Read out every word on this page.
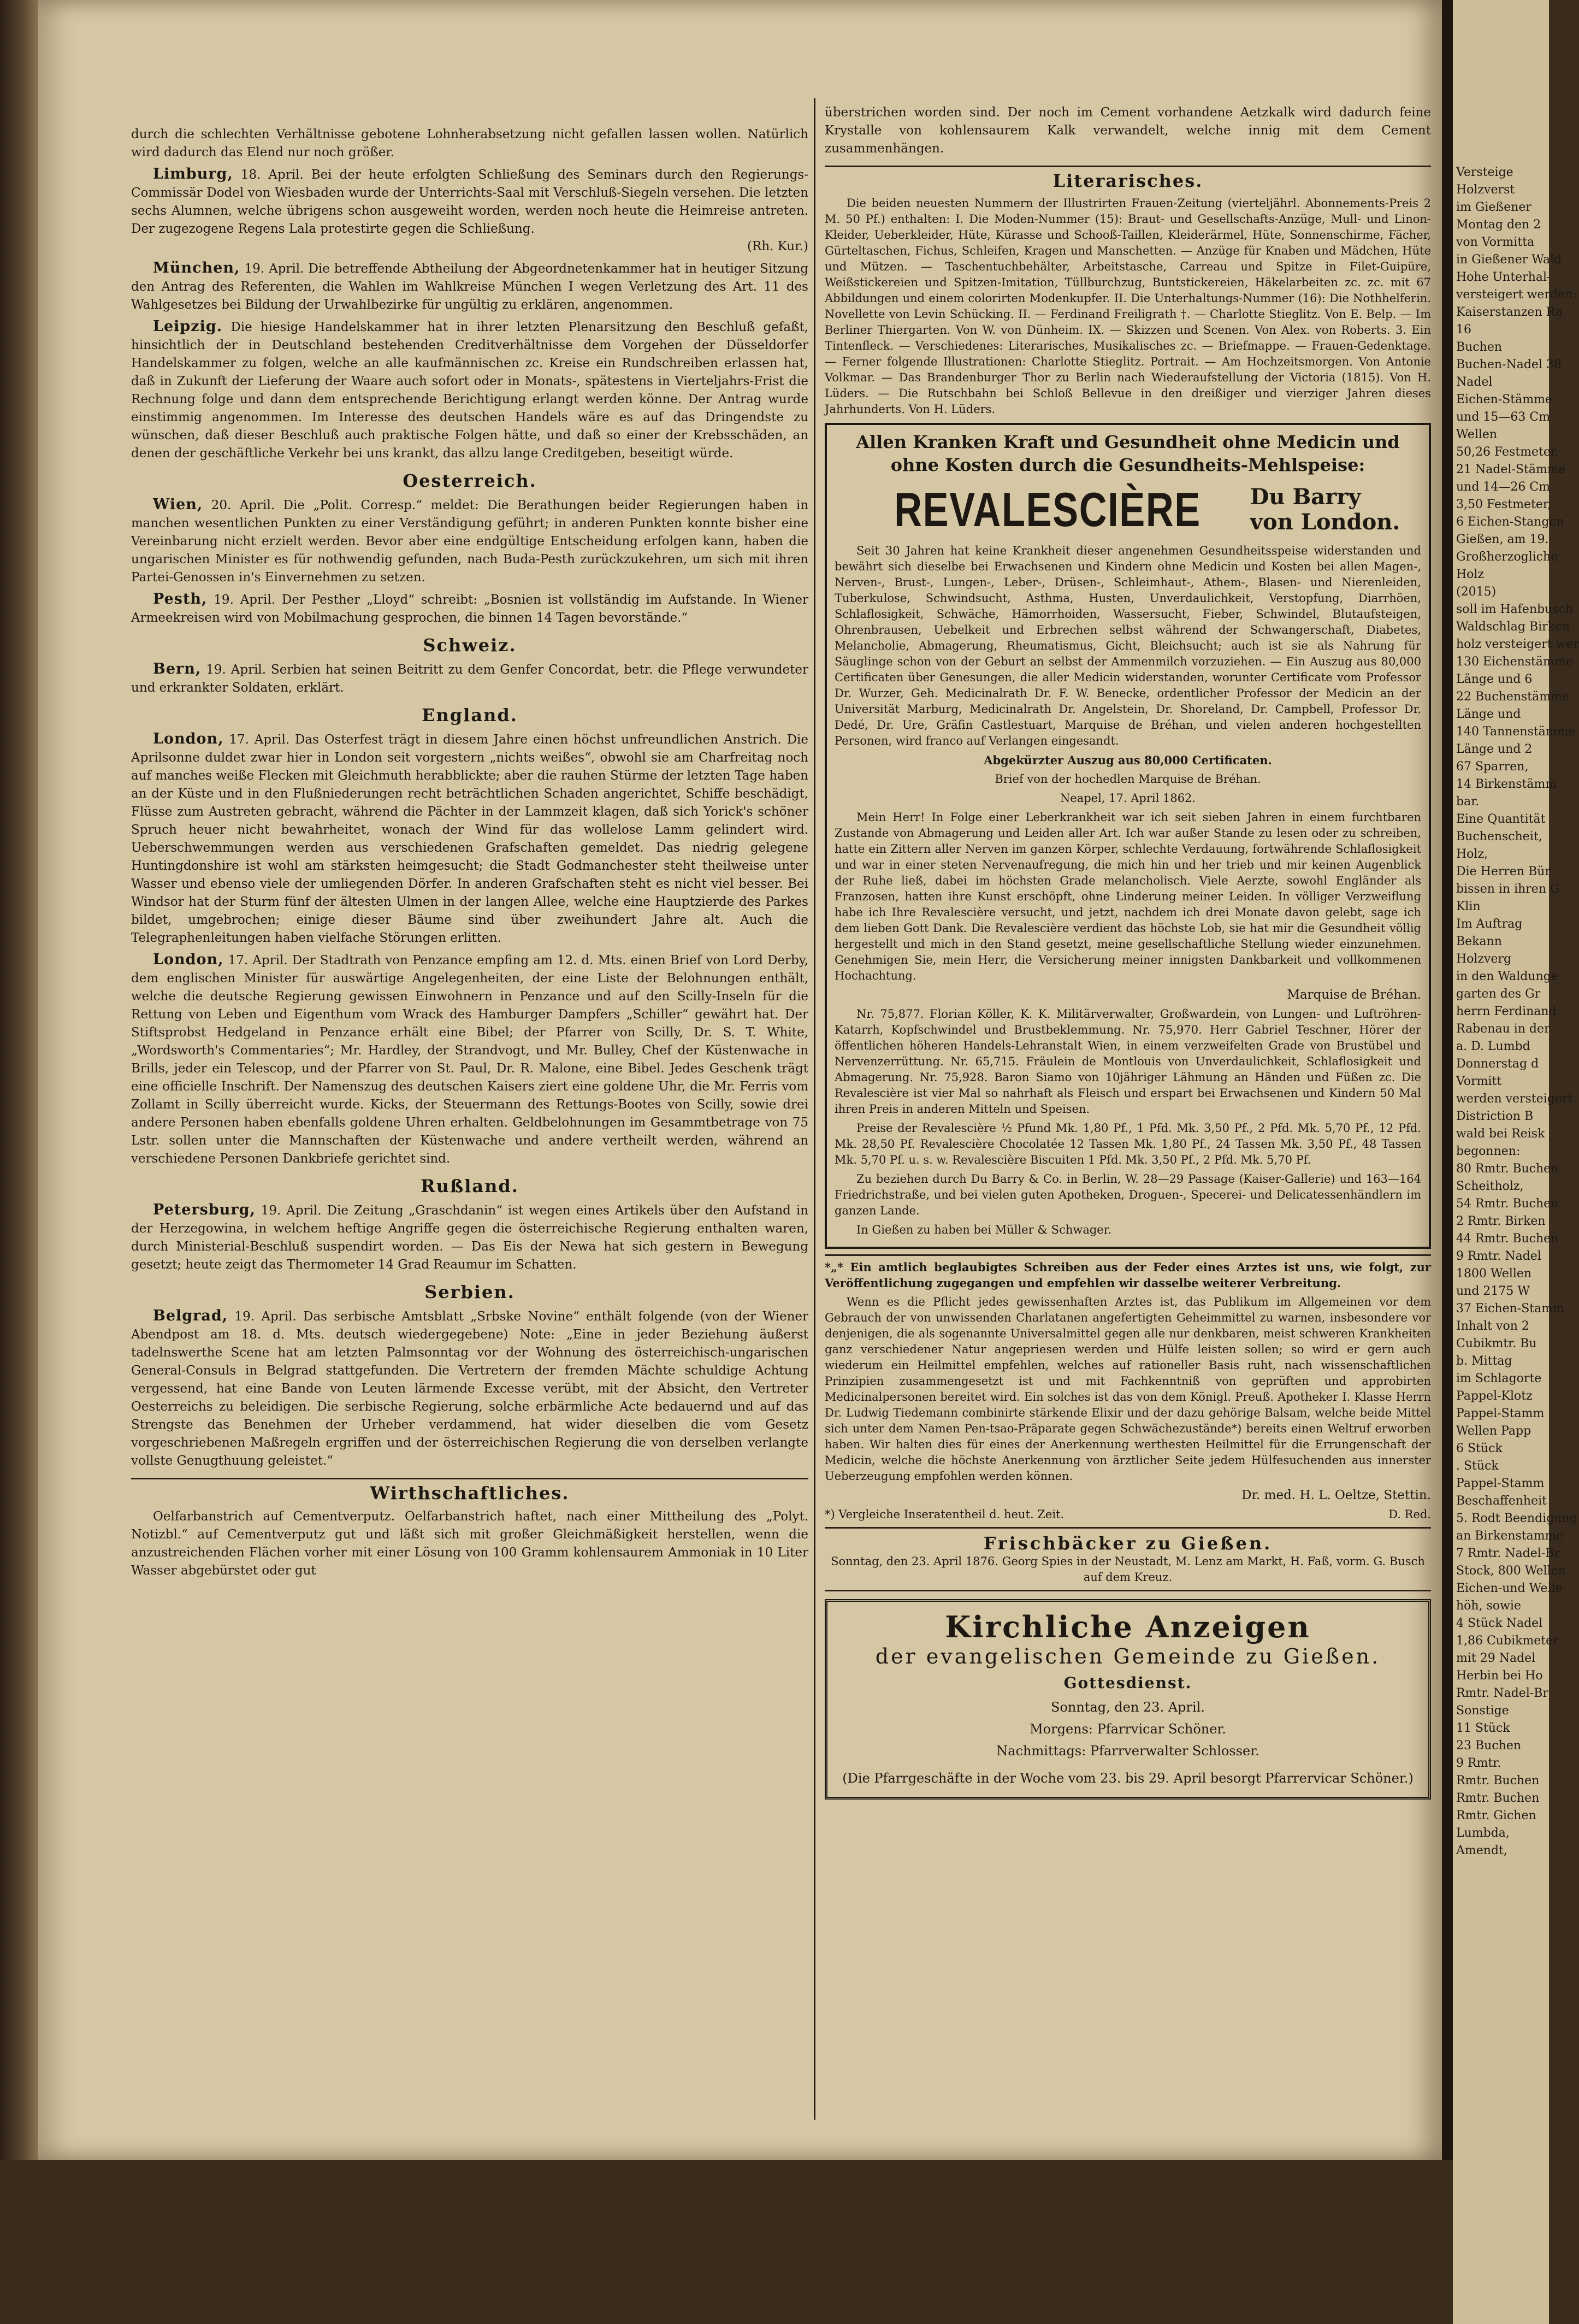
durch die schlechten Verhältnisse gebotene Lohnherabsetzung nicht gefallen lassen wollen. Natürlich wird dadurch das Elend nur noch größer.

Limburg, 18. April. Bei der heute erfolgten Schließung des Seminars durch den Regierungs-Commissär Dodel von Wiesbaden wurde der Unterrichts-Saal mit Verschluß-Siegeln versehen. Die letzten sechs Alumnen, welche übrigens schon ausgeweiht worden, werden noch heute die Heimreise antreten. Der zugezogene Regens Lala protestirte gegen die Schließung.

(Rh. Kur.)

München, 19. April. Die betreffende Abtheilung der Abgeordnetenkammer hat in heutiger Sitzung den Antrag des Referenten, die Wahlen im Wahlkreise München I wegen Verletzung des Art. 11 des Wahlgesetzes bei Bildung der Urwahlbezirke für ungültig zu erklären, angenommen.

Leipzig. Die hiesige Handelskammer hat in ihrer letzten Plenarsitzung den Beschluß gefaßt, hinsichtlich der in Deutschland bestehenden Creditverhältnisse dem Vorgehen der Düsseldorfer Handelskammer zu folgen, welche an alle kaufmännischen zc. Kreise ein Rundschreiben erlassen hat, daß in Zukunft der Lieferung der Waare auch sofort oder in Monats-, spätestens in Vierteljahrs-Frist die Rechnung folge und dann dem entsprechende Berichtigung erlangt werden könne. Der Antrag wurde einstimmig angenommen. Im Interesse des deutschen Handels wäre es auf das Dringendste zu wünschen, daß dieser Beschluß auch praktische Folgen hätte, und daß so einer der Krebsschäden, an denen der geschäftliche Verkehr bei uns krankt, das allzu lange Creditgeben, beseitigt würde.

Oesterreich.

Wien, 20. April. Die „Polit. Corresp.“ meldet: Die Berathungen beider Regierungen haben in manchen wesentlichen Punkten zu einer Verständigung geführt; in anderen Punkten konnte bisher eine Vereinbarung nicht erzielt werden. Bevor aber eine endgültige Entscheidung erfolgen kann, haben die ungarischen Minister es für nothwendig gefunden, nach Buda-Pesth zurückzukehren, um sich mit ihren Partei-Genossen in's Einvernehmen zu setzen.

Pesth, 19. April. Der Pesther „Lloyd“ schreibt: „Bosnien ist vollständig im Aufstande. In Wiener Armeekreisen wird von Mobilmachung gesprochen, die binnen 14 Tagen bevorstände.“

Schweiz.

Bern, 19. April. Serbien hat seinen Beitritt zu dem Genfer Concordat, betr. die Pflege verwundeter und erkrankter Soldaten, erklärt.

England.

London, 17. April. Das Osterfest trägt in diesem Jahre einen höchst unfreundlichen Anstrich. Die Aprilsonne duldet zwar hier in London seit vorgestern „nichts weißes“, obwohl sie am Charfreitag noch auf manches weiße Flecken mit Gleichmuth herabblickte; aber die rauhen Stürme der letzten Tage haben an der Küste und in den Flußniederungen recht beträchtlichen Schaden angerichtet, Schiffe beschädigt, Flüsse zum Austreten gebracht, während die Pächter in der Lammzeit klagen, daß sich Yorick's schöner Spruch heuer nicht bewahrheitet, wonach der Wind für das wollelose Lamm gelindert wird. Ueberschwemmungen werden aus verschiedenen Grafschaften gemeldet. Das niedrig gelegene Huntingdonshire ist wohl am stärksten heimgesucht; die Stadt Godmanchester steht theilweise unter Wasser und ebenso viele der umliegenden Dörfer. In anderen Grafschaften steht es nicht viel besser. Bei Windsor hat der Sturm fünf der ältesten Ulmen in der langen Allee, welche eine Hauptzierde des Parkes bildet, umgebrochen; einige dieser Bäume sind über zweihundert Jahre alt. Auch die Telegraphenleitungen haben vielfache Störungen erlitten.

London, 17. April. Der Stadtrath von Penzance empfing am 12. d. Mts. einen Brief von Lord Derby, dem englischen Minister für auswärtige Angelegenheiten, der eine Liste der Belohnungen enthält, welche die deutsche Regierung gewissen Einwohnern in Penzance und auf den Scilly-Inseln für die Rettung von Leben und Eigenthum vom Wrack des Hamburger Dampfers „Schiller“ gewährt hat. Der Stiftsprobst Hedgeland in Penzance erhält eine Bibel; der Pfarrer von Scilly, Dr. S. T. White, „Wordsworth's Commentaries“; Mr. Hardley, der Strandvogt, und Mr. Bulley, Chef der Küstenwache in Brills, jeder ein Telescop, und der Pfarrer von St. Paul, Dr. R. Malone, eine Bibel. Jedes Geschenk trägt eine officielle Inschrift. Der Namenszug des deutschen Kaisers ziert eine goldene Uhr, die Mr. Ferris vom Zollamt in Scilly überreicht wurde. Kicks, der Steuermann des Rettungs-Bootes von Scilly, sowie drei andere Personen haben ebenfalls goldene Uhren erhalten. Geldbelohnungen im Gesammtbetrage von 75 Lstr. sollen unter die Mannschaften der Küstenwache und andere vertheilt werden, während an verschiedene Personen Dankbriefe gerichtet sind.

Rußland.

Petersburg, 19. April. Die Zeitung „Graschdanin“ ist wegen eines Artikels über den Aufstand in der Herzegowina, in welchem heftige Angriffe gegen die österreichische Regierung enthalten waren, durch Ministerial-Beschluß suspendirt worden. — Das Eis der Newa hat sich gestern in Bewegung gesetzt; heute zeigt das Thermometer 14 Grad Reaumur im Schatten.

Serbien.

Belgrad, 19. April. Das serbische Amtsblatt „Srbske Novine“ enthält folgende (von der Wiener Abendpost am 18. d. Mts. deutsch wiedergegebene) Note: „Eine in jeder Beziehung äußerst tadelnswerthe Scene hat am letzten Palmsonntag vor der Wohnung des österreichisch-ungarischen General-Consuls in Belgrad stattgefunden. Die Vertretern der fremden Mächte schuldige Achtung vergessend, hat eine Bande von Leuten lärmende Excesse verübt, mit der Absicht, den Vertreter Oesterreichs zu beleidigen. Die serbische Regierung, solche erbärmliche Acte bedauernd und auf das Strengste das Benehmen der Urheber verdammend, hat wider dieselben die vom Gesetz vorgeschriebenen Maßregeln ergriffen und der österreichischen Regierung die von derselben verlangte vollste Genugthuung geleistet.“

Wirthschaftliches.

Oelfarbanstrich auf Cementverputz. Oelfarbanstrich haftet, nach einer Mittheilung des „Polyt. Notizbl.“ auf Cementverputz gut und läßt sich mit großer Gleichmäßigkeit herstellen, wenn die anzustreichenden Flächen vorher mit einer Lösung von 100 Gramm kohlensaurem Ammoniak in 10 Liter Wasser abgebürstet oder gut

überstrichen worden sind. Der noch im Cement vorhandene Aetzkalk wird dadurch feine Krystalle von kohlensaurem Kalk verwandelt, welche innig mit dem Cement zusammenhängen.

Literarisches.

Die beiden neuesten Nummern der Illustrirten Frauen-Zeitung (vierteljährl. Abonnements-Preis 2 M. 50 Pf.) enthalten: I. Die Moden-Nummer (15): Braut- und Gesellschafts-Anzüge, Mull- und Linon-Kleider, Ueberkleider, Hüte, Kürasse und Schooß-Taillen, Kleiderärmel, Hüte, Sonnenschirme, Fächer, Gürteltaschen, Fichus, Schleifen, Kragen und Manschetten. — Anzüge für Knaben und Mädchen, Hüte und Mützen. — Taschentuchbehälter, Arbeitstasche, Carreau und Spitze in Filet-Guipüre, Weißstickereien und Spitzen-Imitation, Tüllburchzug, Buntstickereien, Häkelarbeiten zc. zc. mit 67 Abbildungen und einem colorirten Modenkupfer. II. Die Unterhaltungs-Nummer (16): Die Nothhelferin. Novellette von Levin Schücking. II. — Ferdinand Freiligrath †. — Charlotte Stieglitz. Von E. Belp. — Im Berliner Thiergarten. Von W. von Dünheim. IX. — Skizzen und Scenen. Von Alex. von Roberts. 3. Ein Tintenfleck. — Verschiedenes: Literarisches, Musikalisches zc. — Briefmappe. — Frauen-Gedenktage. — Ferner folgende Illustrationen: Charlotte Stieglitz. Portrait. — Am Hochzeitsmorgen. Von Antonie Volkmar. — Das Brandenburger Thor zu Berlin nach Wiederaufstellung der Victoria (1815). Von H. Lüders. — Die Rutschbahn bei Schloß Bellevue in den dreißiger und vierziger Jahren dieses Jahrhunderts. Von H. Lüders.

Allen Kranken Kraft und Gesundheit ohne Medicin und ohne Kosten durch die Gesundheits-Mehlspeise:
REVALESCIÈRE Du Barry
von London.

Seit 30 Jahren hat keine Krankheit dieser angenehmen Gesundheitsspeise widerstanden und bewährt sich dieselbe bei Erwachsenen und Kindern ohne Medicin und Kosten bei allen Magen-, Nerven-, Brust-, Lungen-, Leber-, Drüsen-, Schleimhaut-, Athem-, Blasen- und Nierenleiden, Tuberkulose, Schwindsucht, Asthma, Husten, Unverdaulichkeit, Verstopfung, Diarrhöen, Schlaflosigkeit, Schwäche, Hämorrhoiden, Wassersucht, Fieber, Schwindel, Blutaufsteigen, Ohrenbrausen, Uebelkeit und Erbrechen selbst während der Schwangerschaft, Diabetes, Melancholie, Abmagerung, Rheumatismus, Gicht, Bleichsucht; auch ist sie als Nahrung für Säuglinge schon von der Geburt an selbst der Ammenmilch vorzuziehen. — Ein Auszug aus 80,000 Certificaten über Genesungen, die aller Medicin widerstanden, worunter Certificate vom Professor Dr. Wurzer, Geh. Medicinalrath Dr. F. W. Benecke, ordentlicher Professor der Medicin an der Universität Marburg, Medicinalrath Dr. Angelstein, Dr. Shoreland, Dr. Campbell, Professor Dr. Dedé, Dr. Ure, Gräfin Castlestuart, Marquise de Bréhan, und vielen anderen hochgestellten Personen, wird franco auf Verlangen eingesandt.

Abgekürzter Auszug aus 80,000 Certificaten.

Brief von der hochedlen Marquise de Bréhan.

Neapel, 17. April 1862.

Mein Herr! In Folge einer Leberkrankheit war ich seit sieben Jahren in einem furchtbaren Zustande von Abmagerung und Leiden aller Art. Ich war außer Stande zu lesen oder zu schreiben, hatte ein Zittern aller Nerven im ganzen Körper, schlechte Verdauung, fortwährende Schlaflosigkeit und war in einer steten Nervenaufregung, die mich hin und her trieb und mir keinen Augenblick der Ruhe ließ, dabei im höchsten Grade melancholisch. Viele Aerzte, sowohl Engländer als Franzosen, hatten ihre Kunst erschöpft, ohne Linderung meiner Leiden. In völliger Verzweiflung habe ich Ihre Revalescière versucht, und jetzt, nachdem ich drei Monate davon gelebt, sage ich dem lieben Gott Dank. Die Revalescière verdient das höchste Lob, sie hat mir die Gesundheit völlig hergestellt und mich in den Stand gesetzt, meine gesellschaftliche Stellung wieder einzunehmen. Genehmigen Sie, mein Herr, die Versicherung meiner innigsten Dankbarkeit und vollkommenen Hochachtung.

Marquise de Bréhan.

Nr. 75,877. Florian Köller, K. K. Militärverwalter, Großwardein, von Lungen- und Luftröhren-Katarrh, Kopfschwindel und Brustbeklemmung. Nr. 75,970. Herr Gabriel Teschner, Hörer der öffentlichen höheren Handels-Lehranstalt Wien, in einem verzweifelten Grade von Brustübel und Nervenzerrüttung. Nr. 65,715. Fräulein de Montlouis von Unverdaulichkeit, Schlaflosigkeit und Abmagerung. Nr. 75,928. Baron Siamo von 10jähriger Lähmung an Händen und Füßen zc. Die Revalescière ist vier Mal so nahrhaft als Fleisch und erspart bei Erwachsenen und Kindern 50 Mal ihren Preis in anderen Mitteln und Speisen.

Preise der Revalescière ½ Pfund Mk. 1,80 Pf., 1 Pfd. Mk. 3,50 Pf., 2 Pfd. Mk. 5,70 Pf., 12 Pfd. Mk. 28,50 Pf. Revalescière Chocolatée 12 Tassen Mk. 1,80 Pf., 24 Tassen Mk. 3,50 Pf., 48 Tassen Mk. 5,70 Pf. u. s. w. Revalescière Biscuiten 1 Pfd. Mk. 3,50 Pf., 2 Pfd. Mk. 5,70 Pf.

Zu beziehen durch Du Barry & Co. in Berlin, W. 28—29 Passage (Kaiser-Gallerie) und 163—164 Friedrichstraße, und bei vielen guten Apotheken, Droguen-, Specerei- und Delicatessenhändlern im ganzen Lande.

In Gießen zu haben bei Müller & Schwager.

*„* Ein amtlich beglaubigtes Schreiben aus der Feder eines Arztes ist uns, wie folgt, zur Veröffentlichung zugegangen und empfehlen wir dasselbe weiterer Verbreitung.

Wenn es die Pflicht jedes gewissenhaften Arztes ist, das Publikum im Allgemeinen vor dem Gebrauch der von unwissenden Charlatanen angefertigten Geheimmittel zu warnen, insbesondere vor denjenigen, die als sogenannte Universalmittel gegen alle nur denkbaren, meist schweren Krankheiten ganz verschiedener Natur angepriesen werden und Hülfe leisten sollen; so wird er gern auch wiederum ein Heilmittel empfehlen, welches auf rationeller Basis ruht, nach wissenschaftlichen Prinzipien zusammengesetzt ist und mit Fachkenntniß von geprüften und approbirten Medicinalpersonen bereitet wird. Ein solches ist das von dem Königl. Preuß. Apotheker I. Klasse Herrn Dr. Ludwig Tiedemann combinirte stärkende Elixir und der dazu gehörige Balsam, welche beide Mittel sich unter dem Namen Pen-tsao-Präparate gegen Schwächezustände*) bereits einen Weltruf erworben haben. Wir halten dies für eines der Anerkennung werthesten Heilmittel für die Errungenschaft der Medicin, welche die höchste Anerkennung von ärztlicher Seite jedem Hülfesuchenden aus innerster Ueberzeugung empfohlen werden können.

Dr. med. H. L. Oeltze, Stettin.

*) Vergleiche Inseratentheil d. heut. Zeit.	D. Red.
Frischbäcker zu Gießen.

Sonntag, den 23. April 1876. Georg Spies in der Neustadt, M. Lenz am Markt, H. Faß, vorm. G. Busch auf dem Kreuz.

Kirchliche Anzeigen
der evangelischen Gemeinde zu Gießen.
Gottesdienst.
Sonntag, den 23. April.
Morgens: Pfarrvicar Schöner.
Nachmittags: Pfarrverwalter Schlosser.
(Die Pfarrgeschäfte in der Woche vom 23. bis 29. April besorgt Pfarrervicar Schöner.)

Versteige

Holzverst

im Gießener

Montag den 2

von Vormitta

in Gießener Wald

Hohe Unterhal-

versteigert werden:

Kaiserstanzen Ra

16

Buchen

Buchen-Nadel 38

Nadel

Eichen-Stämme

und 15—63 Cm

Wellen

50,26 Festmeter,

21 Nadel-Stämme

und 14—26 Cm

3,50 Festmeter,

6 Eichen-Stangen

Gießen, am 19.

Großherzogliche

Holz

(2015)

soll im Hafenbusch

Waldschlag Birken

holz versteigert wer

130 Eichenstämme

Länge und 6

22 Buchenstämme

Länge und

140 Tannenstämme

Länge und 2

67 Sparren,

14 Birkenstämm

bar.

Eine Quantität

Buchenscheit,

Holz,

Die Herren Bür

bissen in ihren G

Klin

Im Auftrag

Bekann

Holzverg

in den Waldunge

garten des Gr

herrn Ferdinand

Rabenau in der

a. D. Lumbd

Donnerstag d

Vormitt

werden versteigert

Distriction B

wald bei Reisk

begonnen:

80 Rmtr. Buchen

Scheitholz,

54 Rmtr. Buchen

2 Rmtr. Birken

44 Rmtr. Buchen

9 Rmtr. Nadel

1800 Wellen

und 2175 W

37 Eichen-Stamm

Inhalt von 2

Cubikmtr. Bu

b. Mittag

im Schlagorte

Pappel-Klotz

Pappel-Stamm

Wellen Papp

6 Stück

. Stück

Pappel-Stamm

Beschaffenheit

5. Rodt Beendigung

an Birkenstamme

7 Rmtr. Nadel-Br

Stock, 800 Wellen

Eichen-und Welle

höh, sowie

4 Stück Nadel

1,86 Cubikmeter

mit 29 Nadel

Herbin bei Ho

Rmtr. Nadel-Br

Sonstige

11 Stück

23 Buchen

9 Rmtr.

Rmtr. Buchen

Rmtr. Buchen

Rmtr. Gichen

Lumbda,

Amendt,
